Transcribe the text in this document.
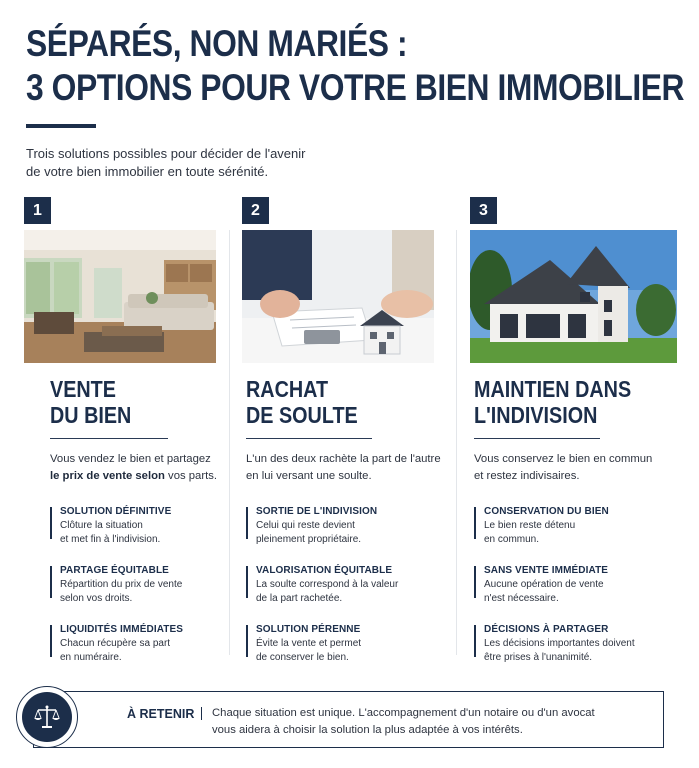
SÉPARÉS, NON MARIÉS :
3 OPTIONS POUR VOTRE BIEN IMMOBILIER
Trois solutions possibles pour décider de l'avenir
de votre bien immobilier en toute sérénité.
1
VENTE
DU BIEN
Vous vendez le bien et partagez
le prix de vente selon vos parts.
SOLUTION DÉFINITIVE
Clôture la situation
et met fin à l'indivision.
PARTAGE ÉQUITABLE
Répartition du prix de vente
selon vos droits.
LIQUIDITÉS IMMÉDIATES
Chacun récupère sa part
en numéraire.
2
RACHAT
DE SOULTE
L'un des deux rachète la part de l'autre
en lui versant une soulte.
SORTIE DE L'INDIVISION
Celui qui reste devient
pleinement propriétaire.
VALORISATION ÉQUITABLE
La soulte correspond à la valeur
de la part rachetée.
SOLUTION PÉRENNE
Évite la vente et permet
de conserver le bien.
3
MAINTIEN DANS
L'INDIVISION
Vous conservez le bien en commun
et restez indivisaires.
CONSERVATION DU BIEN
Le bien reste détenu
en commun.
SANS VENTE IMMÉDIATE
Aucune opération de vente
n'est nécessaire.
DÉCISIONS À PARTAGER
Les décisions importantes doivent
être prises à l'unanimité.
À RETENIR Chaque situation est unique. L'accompagnement d'un notaire ou d'un avocat
vous aidera à choisir la solution la plus adaptée à vos intérêts.
